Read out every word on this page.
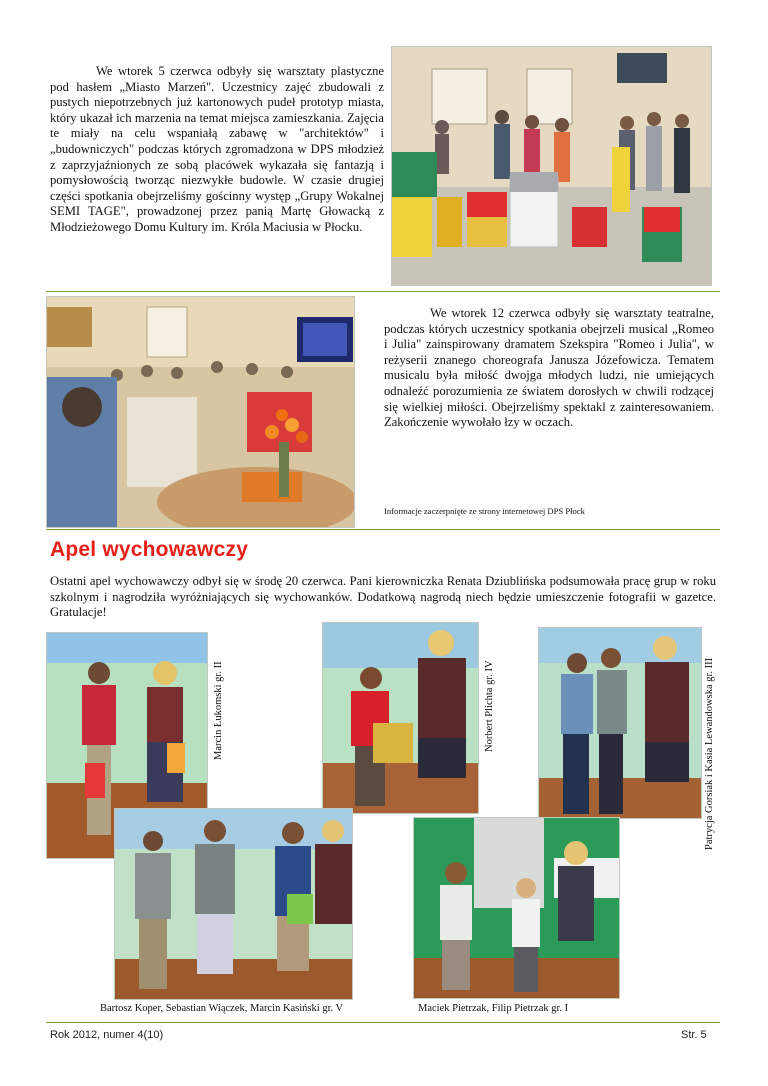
We wtorek 5 czerwca odbyły się warsztaty plastyczne pod hasłem „Miasto Marzeń". Uczestnicy zajęć zbudowali z pustych niepotrzebnych już kartonowych pudeł prototyp miasta, który ukazał ich marzenia na temat miejsca zamieszkania. Zajęcia te miały na celu wspaniałą zabawę w "architektów" i „budowniczych" podczas których zgromadzona w DPS młodzież z zaprzyjaźnionych ze sobą placówek wykazała się fantazją i pomysłowością tworząc niezwykłe budowle. W czasie drugiej części spotkania obejrzeliśmy gościnny występ „Grupy Wokalnej SEMI TAGE", prowadzonej przez panią Martę Głowacką z Młodzieżowego Domu Kultury im. Króla Maciusia w Płocku.

We wtorek 12 czerwca odbyły się warsztaty teatralne, podczas których uczestnicy spotkania obejrzeli musical „Romeo i Julia" zainspirowany dramatem Szekspira "Romeo i Julia", w reżyserii znanego choreografa Janusza Józefowicza. Tematem musicalu była miłość dwojga młodych ludzi, nie umiejących odnaleźć porozumienia ze światem dorosłych w chwili rodzącej się wielkiej miłości. Obejrzeliśmy spektakl z zainteresowaniem. Zakończenie wywołało łzy w oczach.

Informacje zaczerpnięte ze strony internetowej DPS Płock
Apel wychowawczy

Ostatni apel wychowawczy odbył się w środę 20 czerwca. Pani kierowniczka Renata Dziublińska podsumowała pracę grup w roku szkolnym i nagrodziła wyróżniających się wychowanków. Dodatkową nagrodą niech będzie umieszczenie fotografii w gazetce. Gratulacje!

Marcin Łukomski gr. II	Norbert Plichta gr. IV	Patrycja Gorsiak i Kasia Lewandowska gr. III
Bartosz Koper, Sebastian Wiączek, Marcin Kasiński gr. V	Maciek Pietrzak, Filip Pietrzak gr. I
Rok 2012, numer 4(10)	Str. 5
